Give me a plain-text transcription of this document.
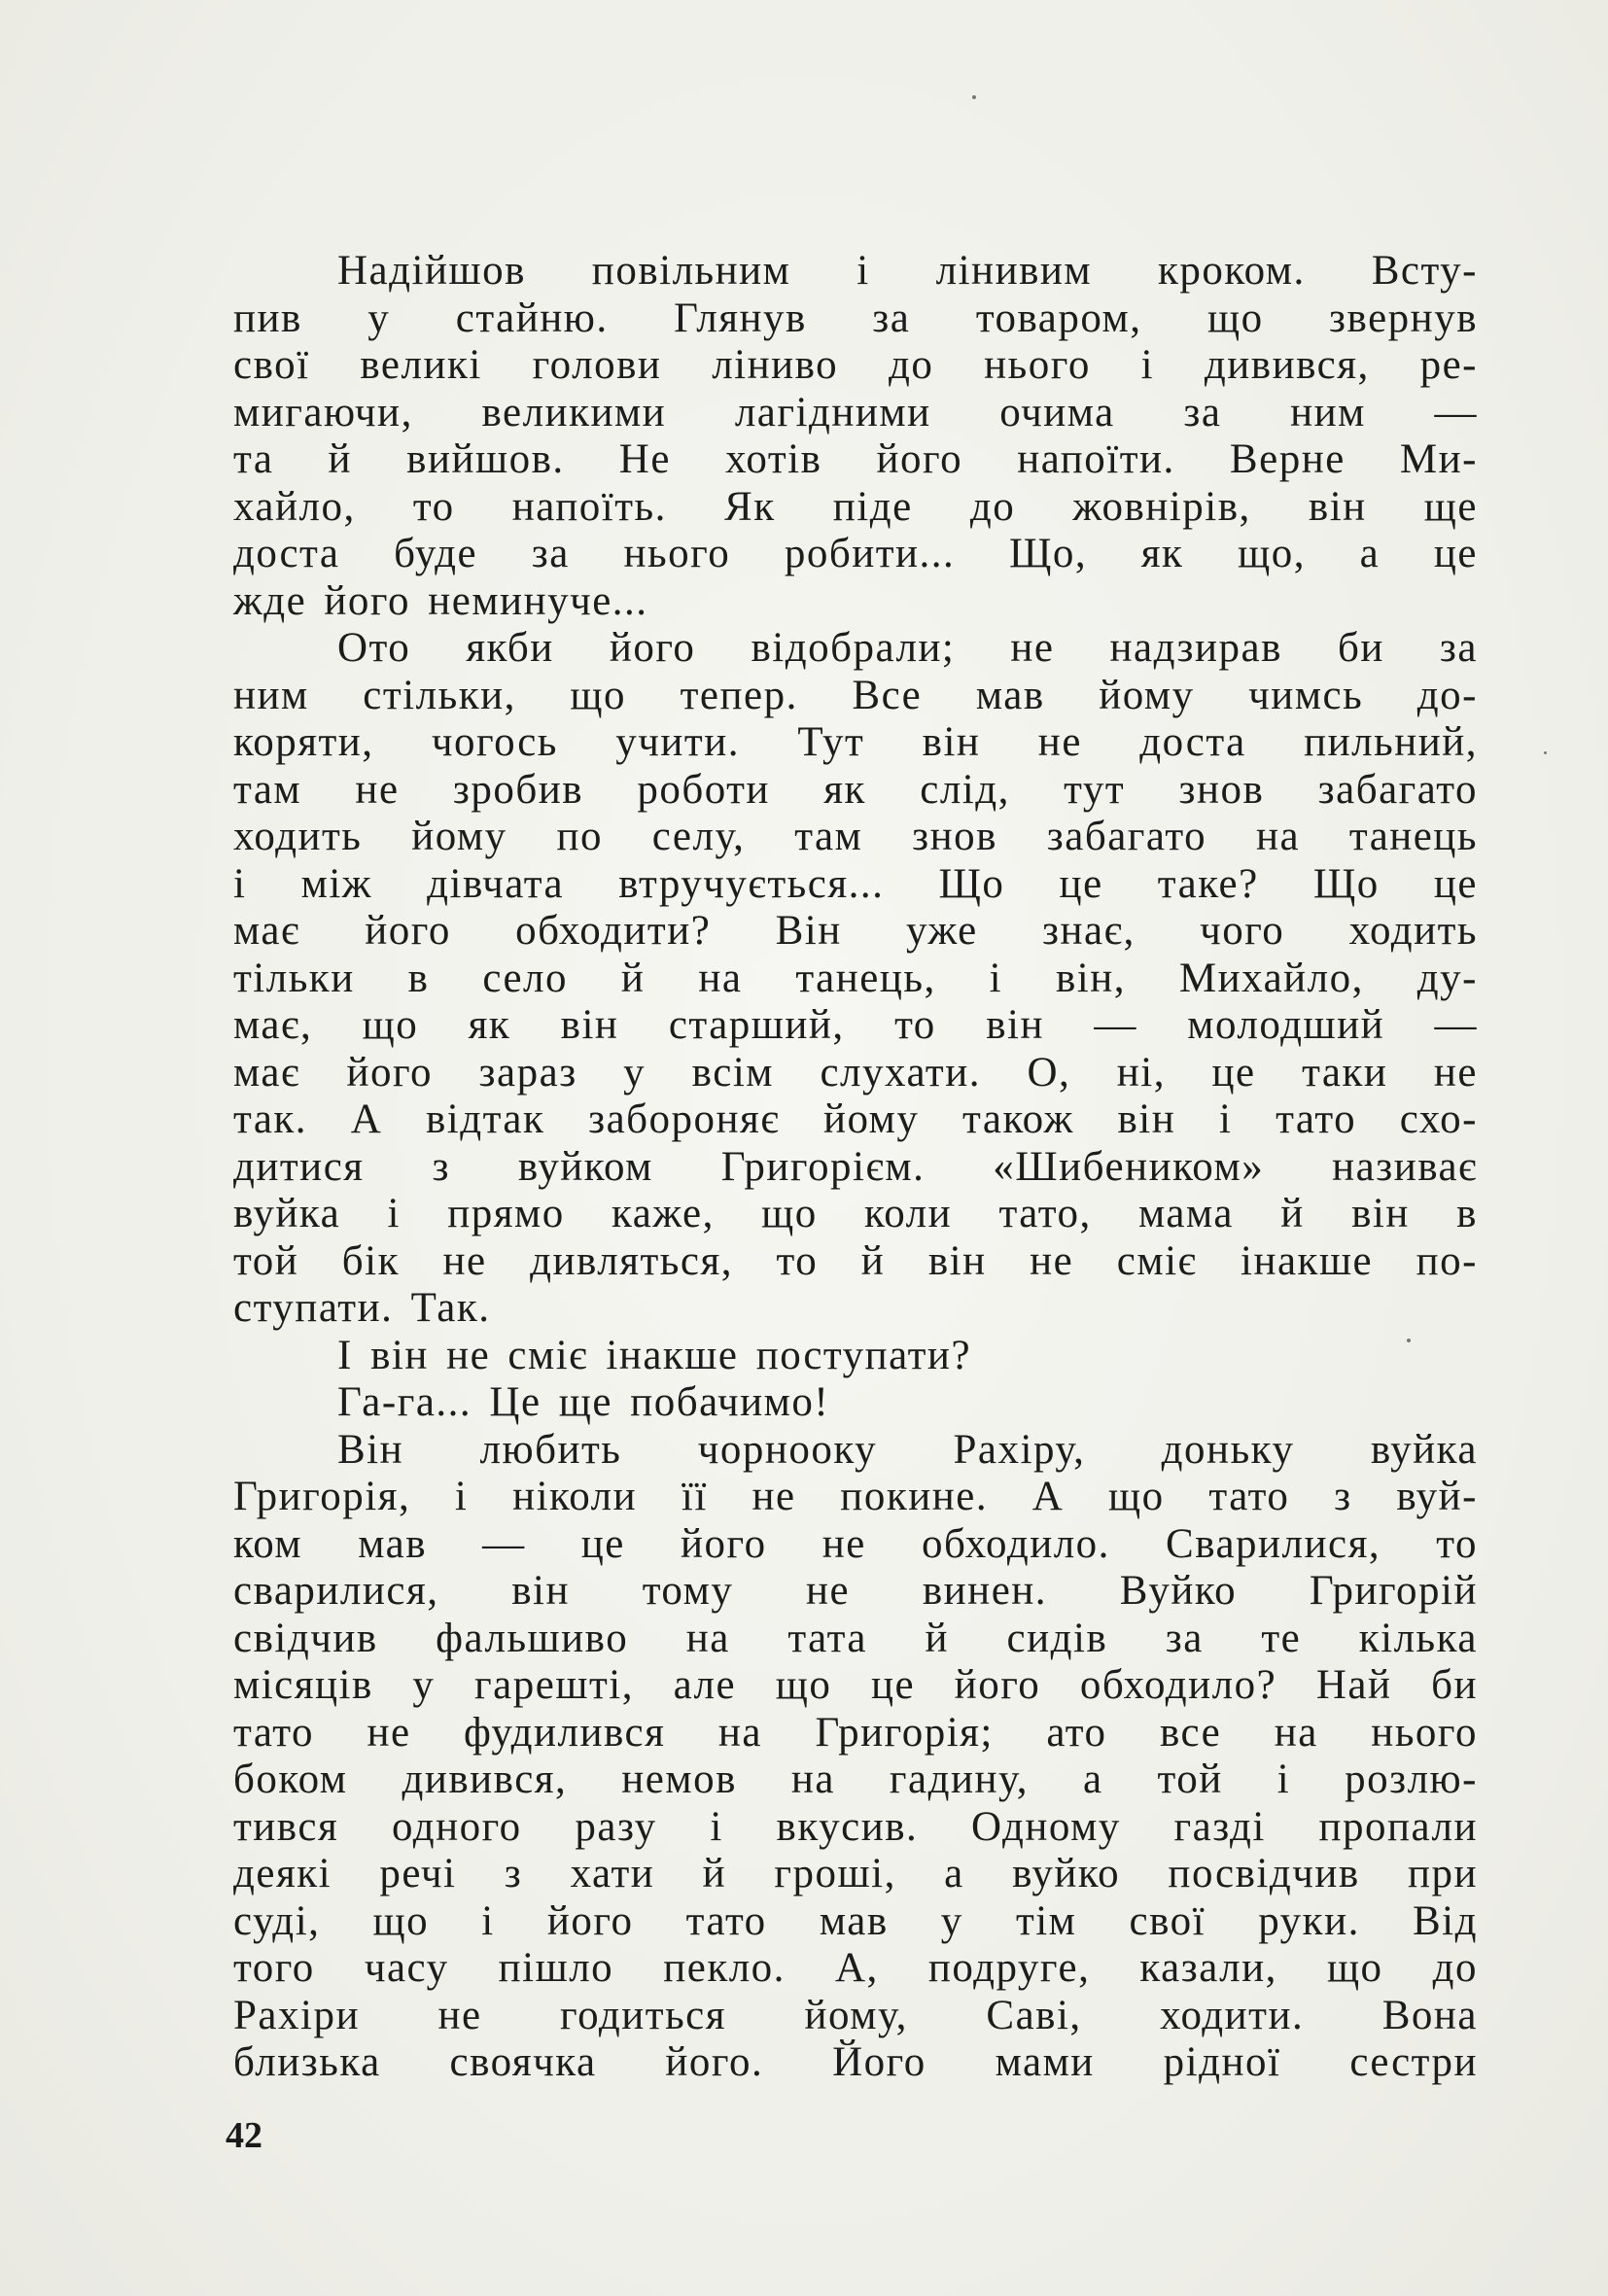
Надійшов повільним і лінивим кроком. Всту-
пив у стайню. Глянув за товаром, що звернув
свої великі голови ліниво до нього і дивився, ре-
мигаючи, великими лагідними очима за ним —
та й вийшов. Не хотів його напоїти. Верне Ми-
хайло, то напоїть. Як піде до жовнірів, він ще
доста буде за нього робити... Що, як що, а це
жде його неминуче...
Ото якби його відобрали; не надзирав би за
ним стільки, що тепер. Все мав йому чимсь до-
коряти, чогось учити. Тут він не доста пильний,
там не зробив роботи як слід, тут знов забагато
ходить йому по селу, там знов забагато на танець
і між дівчата втручується... Що це таке? Що це
має його обходити? Він уже знає, чого ходить
тільки в село й на танець, і він, Михайло, ду-
має, що як він старший, то він — молодший —
має його зараз у всім слухати. О, ні, це таки не
так. А відтак забороняє йому також він і тато схо-
дитися з вуйком Григорієм. «Шибеником» називає
вуйка і прямо каже, що коли тато, мама й він в
той бік не дивляться, то й він не сміє інакше по-
ступати. Так.
І він не сміє інакше поступати?
Га-га... Це ще побачимо!
Він любить чорнооку Рахіру, доньку вуйка
Григорія, і ніколи її не покине. А що тато з вуй-
ком мав — це його не обходило. Сварилися, то
сварилися, він тому не винен. Вуйко Григорій
свідчив фальшиво на тата й сидів за те кілька
місяців у гарешті, але що це його обходило? Най би
тато не фудилився на Григорія; ато все на нього
боком дивився, немов на гадину, а той і розлю-
тився одного разу і вкусив. Одному газді пропали
деякі речі з хати й гроші, а вуйко посвідчив при
суді, що і його тато мав у тім свої руки. Від
того часу пішло пекло. А, подруге, казали, що до
Рахіри не годиться йому, Саві, ходити. Вона
близька своячка його. Його мами рідної сестри
42
